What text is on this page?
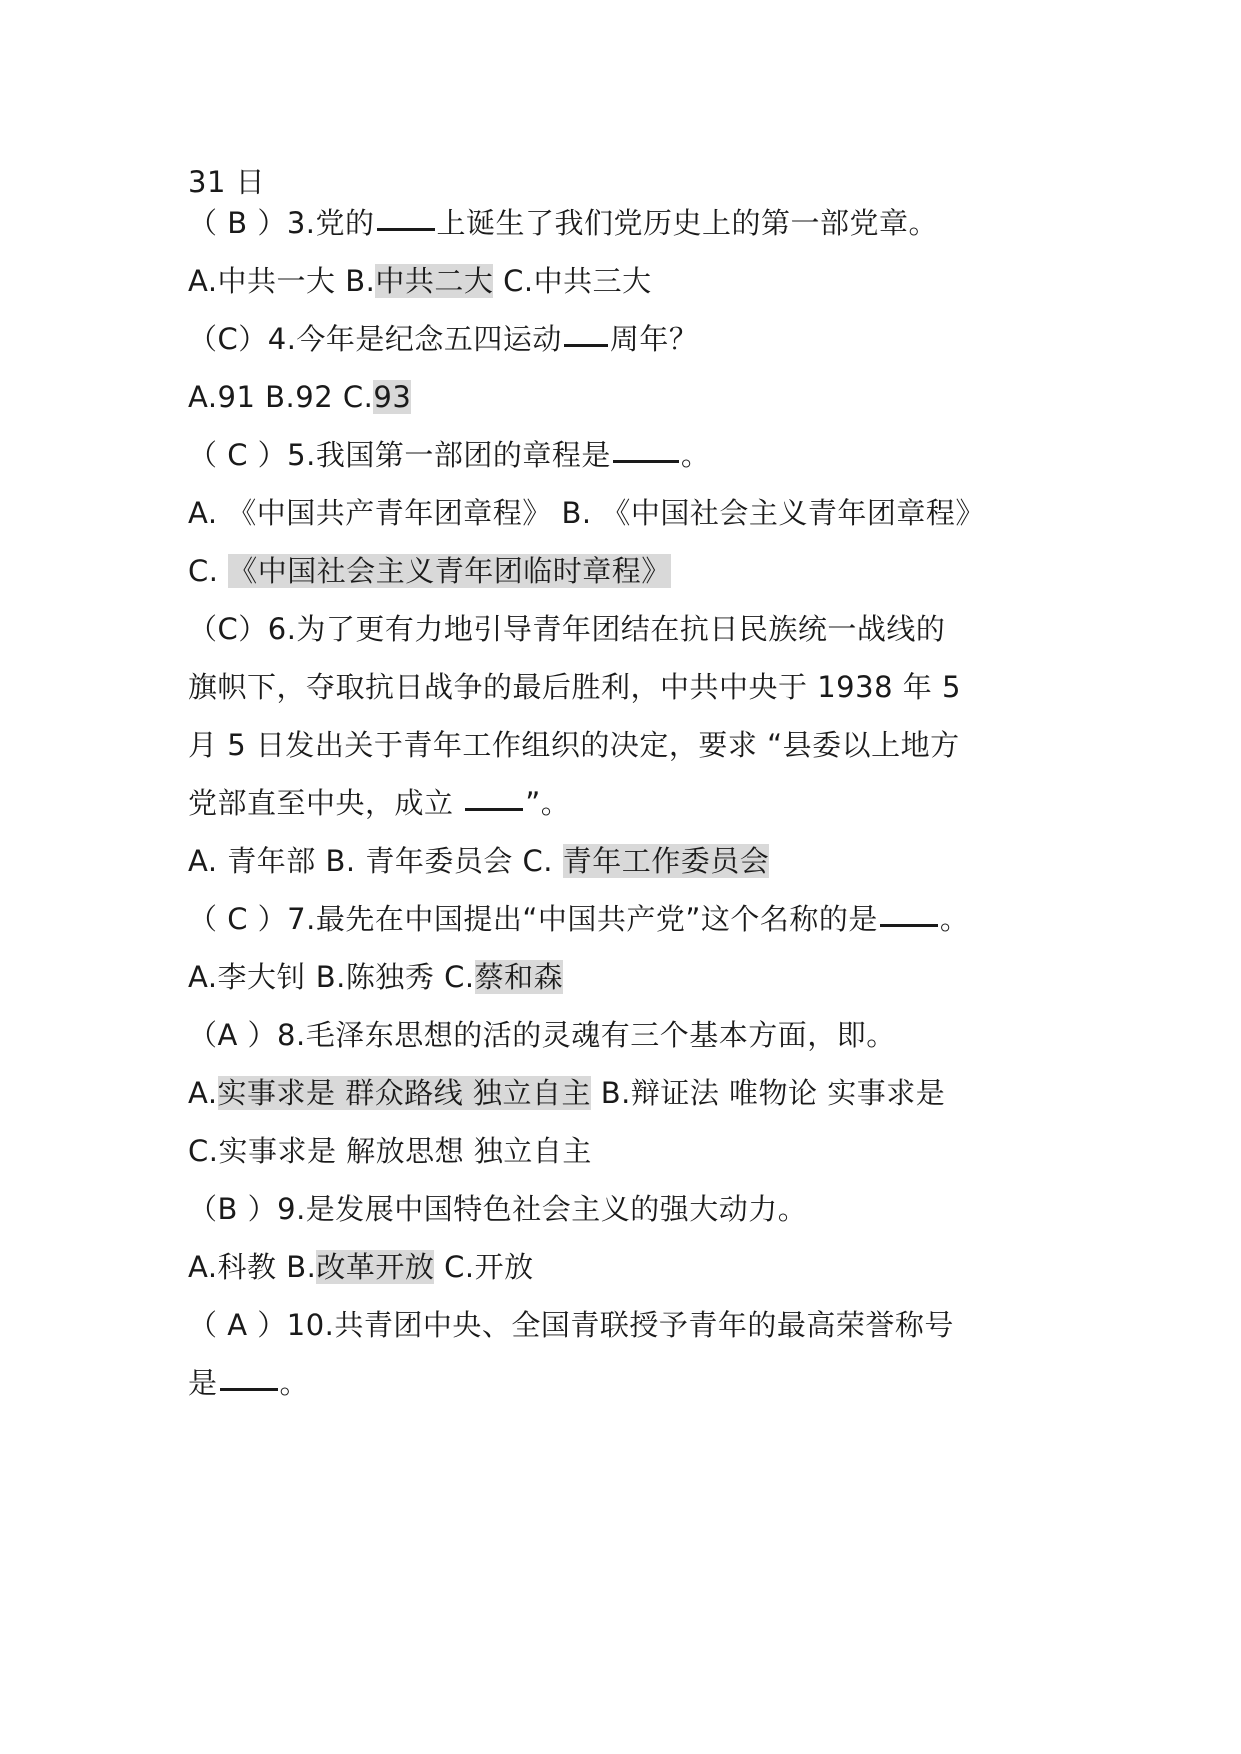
31 日
（ B ）3.党的 上诞生了我们党历史上的第一部党章。
A.中共一大 B.中共二大 C.中共三大
（C）4.今年是纪念五四运动 周年？
A.91 B.92 C.93
（ C ）5.我国第一部团的章程是 。
A. 《中国共产青年团章程》 B. 《中国社会主义青年团章程》
C. 《中国社会主义青年团临时章程》
（C）6.为了更有力地引导青年团结在抗日民族统一战线的
旗帜下，夺取抗日战争的最后胜利，中共中央于 1938 年 5
月 5 日发出关于青年工作组织的决定，要求 “县委以上地方
党部直至中央，成立 ”。
A. 青年部 B. 青年委员会 C. 青年工作委员会
（ C ）7.最先在中国提出“中国共产党”这个名称的是 。
A.李大钊 B.陈独秀 C.蔡和森
（A ）8.毛泽东思想的活的灵魂有三个基本方面，即。
A.实事求是 群众路线 独立自主 B.辩证法 唯物论 实事求是
C.实事求是 解放思想 独立自主
（B ）9.是发展中国特色社会主义的强大动力。
A.科教 B.改革开放 C.开放
（ A ）10.共青团中央、全国青联授予青年的最高荣誉称号
是 。
